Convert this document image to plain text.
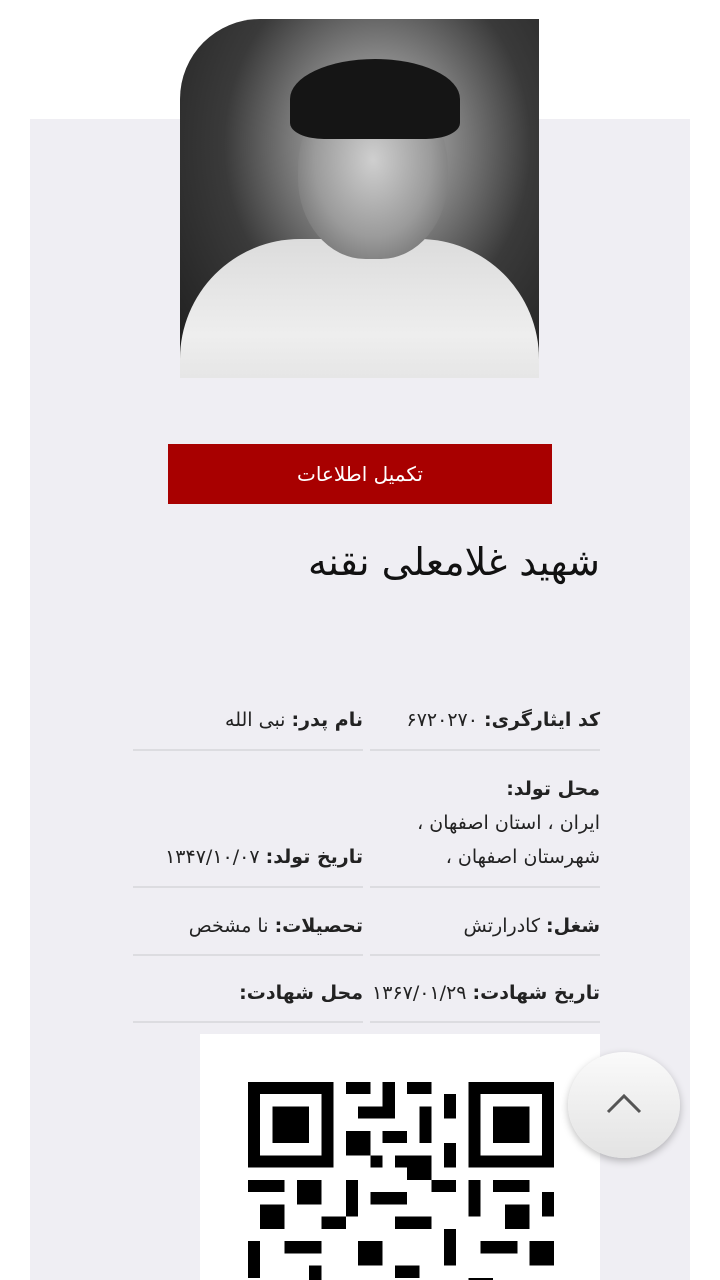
تکمیل اطلاعات
شهید غلامعلی نقنه
کد ایثارگری: ۶۷۲۰۲۷۰
نام پدر: نبی الله
محل تولد:
ایران ، استان اصفهان ،
شهرستان اصفهان ،
تاریخ تولد: ۱۳۴۷/۱۰/۰۷
شغل: کادرارتش
تحصیلات: نا مشخص
تاریخ شهادت: ۱۳۶۷/۰۱/۲۹
محل شهادت:
